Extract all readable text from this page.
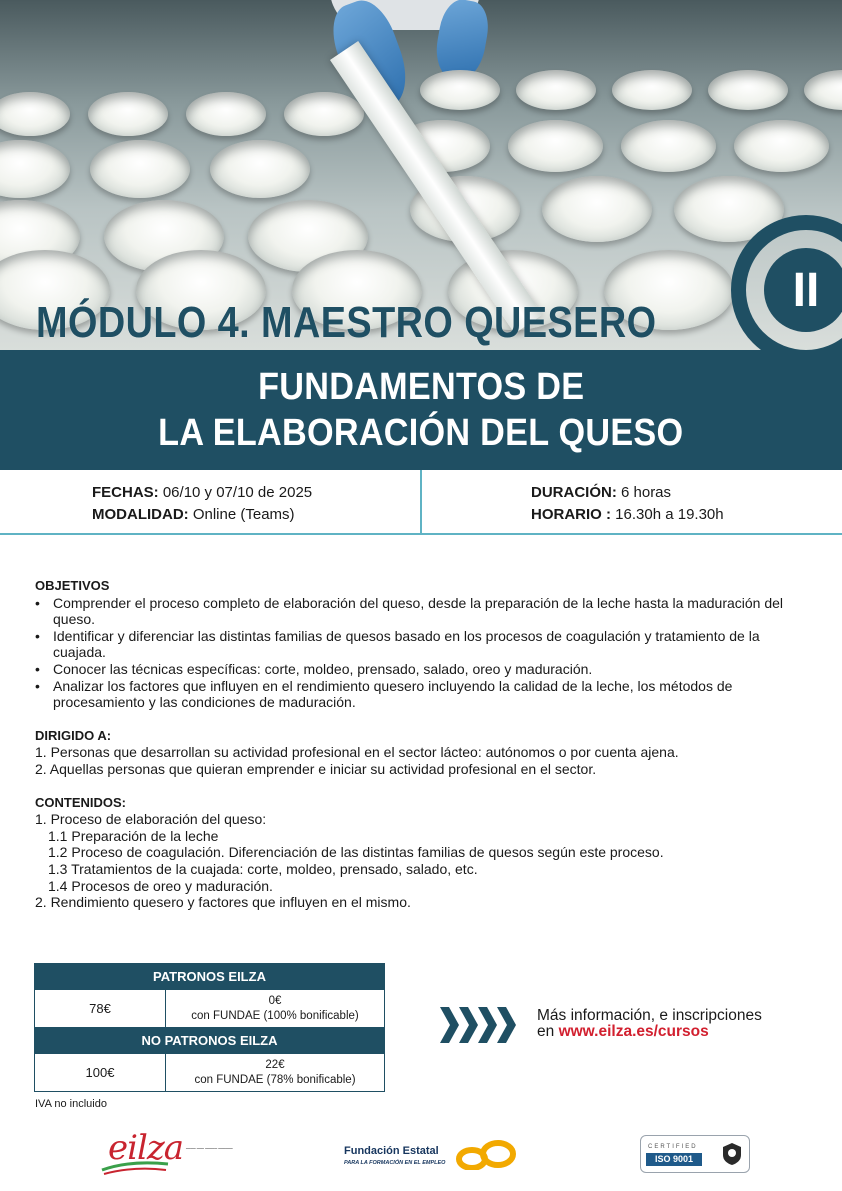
MÓDULO 4. MAESTRO QUESERO
II
FUNDAMENTOS DE
LA ELABORACIÓN DEL QUESO
FECHAS: 06/10 y 07/10 de 2025
MODALIDAD: Online (Teams)
DURACIÓN: 6 horas
HORARIO : 16.30h a 19.30h

OBJETIVOS

• Comprender el proceso completo de elaboración del queso, desde la preparación de la leche hasta la maduración del queso.
• Identificar y diferenciar las distintas familias de quesos basado en los procesos de coagulación y tratamiento de la cuajada.
• Conocer las técnicas específicas: corte, moldeo, prensado, salado, oreo y maduración.
• Analizar los factores que influyen en el rendimiento quesero incluyendo la calidad de la leche, los métodos de procesamiento y las condiciones de maduración.

DIRIGIDO A:

1. Personas que desarrollan su actividad profesional en el sector lácteo: autónomos o por cuenta ajena.

2. Aquellas personas que quieran emprender e iniciar su actividad profesional en el sector.

CONTENIDOS:

1. Proceso de elaboración del queso:

1.1 Preparación de la leche

1.2 Proceso de coagulación. Diferenciación de las distintas familias de quesos según este proceso.

1.3 Tratamientos de la cuajada: corte, moldeo, prensado, salado, etc.

1.4 Procesos de oreo y maduración.

2. Rendimiento quesero y factores que influyen en el mismo.

PATRONOS EILZA
78€
0€
con FUNDAE (100% bonificable)
NO PATRONOS EILZA
100€
22€
con FUNDAE (78% bonificable)
IVA no incluido
Más información, e inscripciones
en www.eilza.es/cursos
eilza ━━━━ ━━━ ━━━━━ ━━━━━━	Fundación Estatal
PARA LA FORMACIÓN EN EL EMPLEO
CERTIFIED
ISO 9001
